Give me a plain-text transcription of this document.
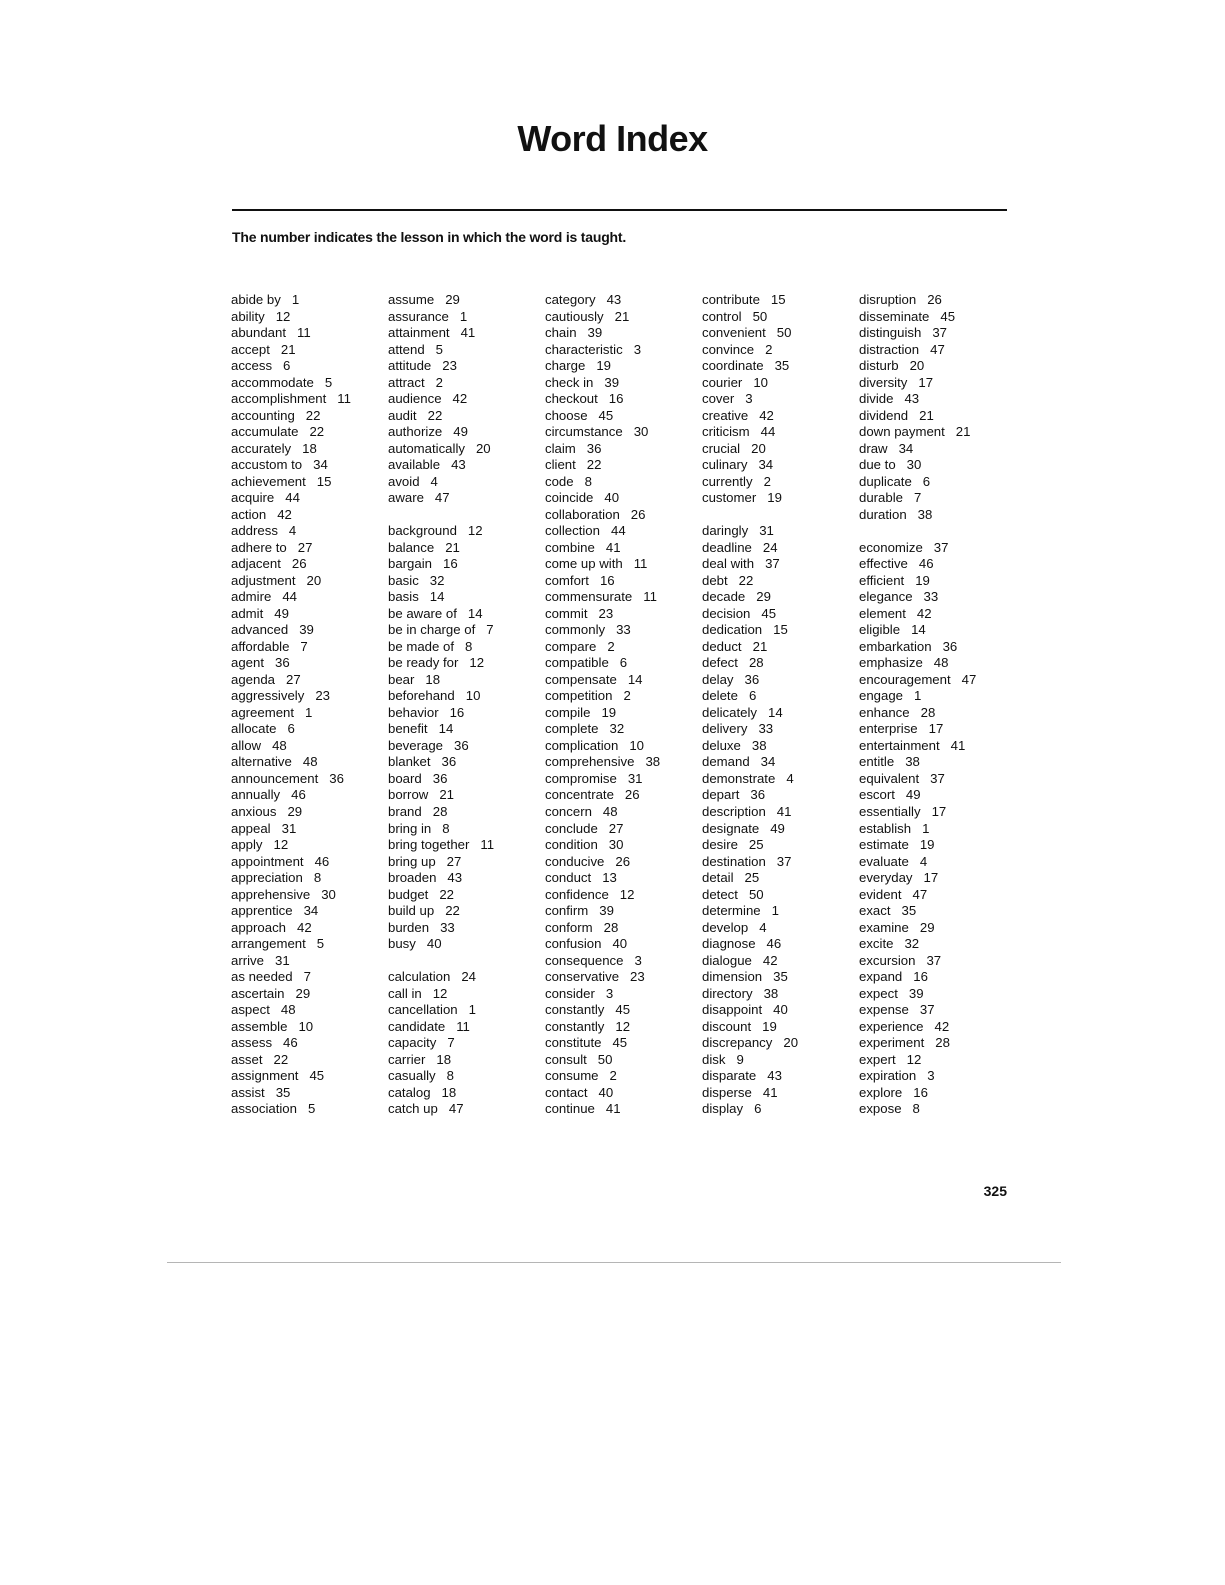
Word Index
The number indicates the lesson in which the word is taught.
abide by 1
ability 12
abundant 11
accept 21
access 6
accommodate 5
accomplishment 11
accounting 22
accumulate 22
accurately 18
accustom to 34
achievement 15
acquire 44
action 42
address 4
adhere to 27
adjacent 26
adjustment 20
admire 44
admit 49
advanced 39
affordable 7
agent 36
agenda 27
aggressively 23
agreement 1
allocate 6
allow 48
alternative 48
announcement 36
annually 46
anxious 29
appeal 31
apply 12
appointment 46
appreciation 8
apprehensive 30
apprentice 34
approach 42
arrangement 5
arrive 31
as needed 7
ascertain 29
aspect 48
assemble 10
assess 46
asset 22
assignment 45
assist 35
association 5
assume 29
assurance 1
attainment 41
attend 5
attitude 23
attract 2
audience 42
audit 22
authorize 49
automatically 20
available 43
avoid 4
aware 47
background 12
balance 21
bargain 16
basic 32
basis 14
be aware of 14
be in charge of 7
be made of 8
be ready for 12
bear 18
beforehand 10
behavior 16
benefit 14
beverage 36
blanket 36
board 36
borrow 21
brand 28
bring in 8
bring together 11
bring up 27
broaden 43
budget 22
build up 22
burden 33
busy 40
calculation 24
call in 12
cancellation 1
candidate 11
capacity 7
carrier 18
casually 8
catalog 18
catch up 47
category 43
cautiously 21
chain 39
characteristic 3
charge 19
check in 39
checkout 16
choose 45
circumstance 30
claim 36
client 22
code 8
coincide 40
collaboration 26
collection 44
combine 41
come up with 11
comfort 16
commensurate 11
commit 23
commonly 33
compare 2
compatible 6
compensate 14
competition 2
compile 19
complete 32
complication 10
comprehensive 38
compromise 31
concentrate 26
concern 48
conclude 27
condition 30
conducive 26
conduct 13
confidence 12
confirm 39
conform 28
confusion 40
consequence 3
conservative 23
consider 3
constantly 45
constantly 12
constitute 45
consult 50
consume 2
contact 40
continue 41
contribute 15
control 50
convenient 50
convince 2
coordinate 35
courier 10
cover 3
creative 42
criticism 44
crucial 20
culinary 34
currently 2
customer 19
daringly 31
deadline 24
deal with 37
debt 22
decade 29
decision 45
dedication 15
deduct 21
defect 28
delay 36
delete 6
delicately 14
delivery 33
deluxe 38
demand 34
demonstrate 4
depart 36
description 41
designate 49
desire 25
destination 37
detail 25
detect 50
determine 1
develop 4
diagnose 46
dialogue 42
dimension 35
directory 38
disappoint 40
discount 19
discrepancy 20
disk 9
disparate 43
disperse 41
display 6
disruption 26
disseminate 45
distinguish 37
distraction 47
disturb 20
diversity 17
divide 43
dividend 21
down payment 21
draw 34
due to 30
duplicate 6
durable 7
duration 38
economize 37
effective 46
efficient 19
elegance 33
element 42
eligible 14
embarkation 36
emphasize 48
encouragement 47
engage 1
enhance 28
enterprise 17
entertainment 41
entitle 38
equivalent 37
escort 49
essentially 17
establish 1
estimate 19
evaluate 4
everyday 17
evident 47
exact 35
examine 29
excite 32
excursion 37
expand 16
expect 39
expense 37
experience 42
experiment 28
expert 12
expiration 3
explore 16
expose 8
325
